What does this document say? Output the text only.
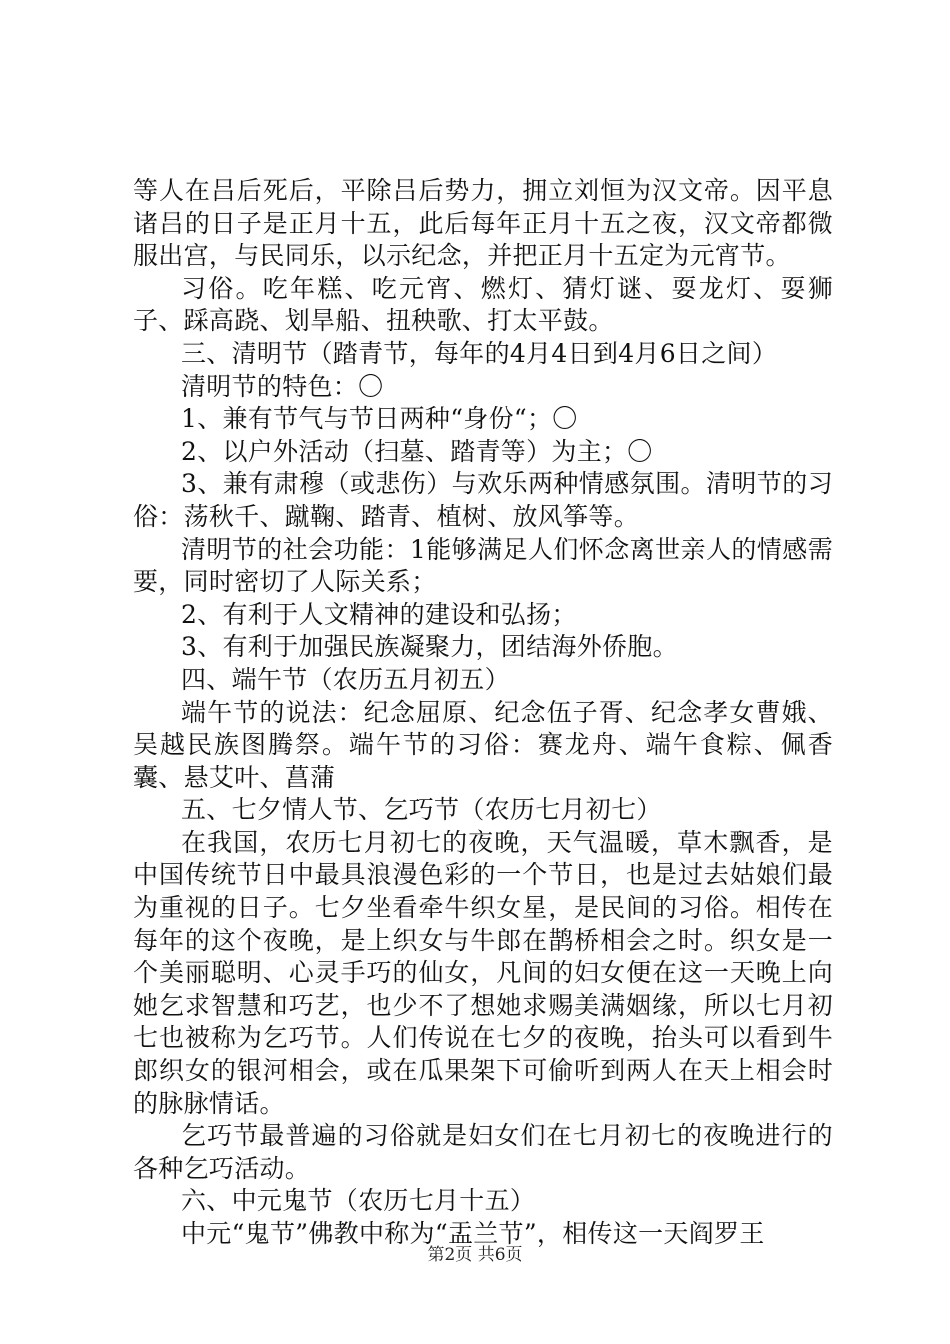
等人在吕后死后，平除吕后势力，拥立刘恒为汉文帝。因平息诸吕的日子是正月十五，此后每年正月十五之夜，汉文帝都微服出宫，与民同乐，以示纪念，并把正月十五定为元宵节。

习俗。吃年糕、吃元宵、燃灯、猜灯谜、耍龙灯、耍狮子、踩高跷、划旱船、扭秧歌、打太平鼓。

三、清明节（踏青节，每年的4月4日到4月6日之间）

清明节的特色：〇

1、兼有节气与节日两种“身份“；〇

2、以户外活动（扫墓、踏青等）为主；〇

3、兼有肃穆（或悲伤）与欢乐两种情感氛围。清明节的习俗：荡秋千、蹴鞠、踏青、植树、放风筝等。

清明节的社会功能：1能够满足人们怀念离世亲人的情感需要，同时密切了人际关系；

2、有利于人文精神的建设和弘扬；

3、有利于加强民族凝聚力，团结海外侨胞。

四、端午节（农历五月初五）

端午节的说法：纪念屈原、纪念伍子胥、纪念孝女曹娥、吴越民族图腾祭。端午节的习俗：赛龙舟、端午食粽、佩香囊、悬艾叶、菖蒲

五、七夕情人节、乞巧节（农历七月初七）

在我国，农历七月初七的夜晚，天气温暖，草木飘香，是中国传统节日中最具浪漫色彩的一个节日，也是过去姑娘们最为重视的日子。七夕坐看牵牛织女星，是民间的习俗。相传在每年的这个夜晚，是上织女与牛郎在鹊桥相会之时。织女是一个美丽聪明、心灵手巧的仙女，凡间的妇女便在这一天晚上向她乞求智慧和巧艺，也少不了想她求赐美满姻缘，所以七月初七也被称为乞巧节。人们传说在七夕的夜晚，抬头可以看到牛郎织女的银河相会，或在瓜果架下可偷听到两人在天上相会时的脉脉情话。

乞巧节最普遍的习俗就是妇女们在七月初七的夜晚进行的各种乞巧活动。

六、中元鬼节（农历七月十五）

中元“鬼节”佛教中称为“盂兰节”，相传这一天阎罗王

第2页 共6页
